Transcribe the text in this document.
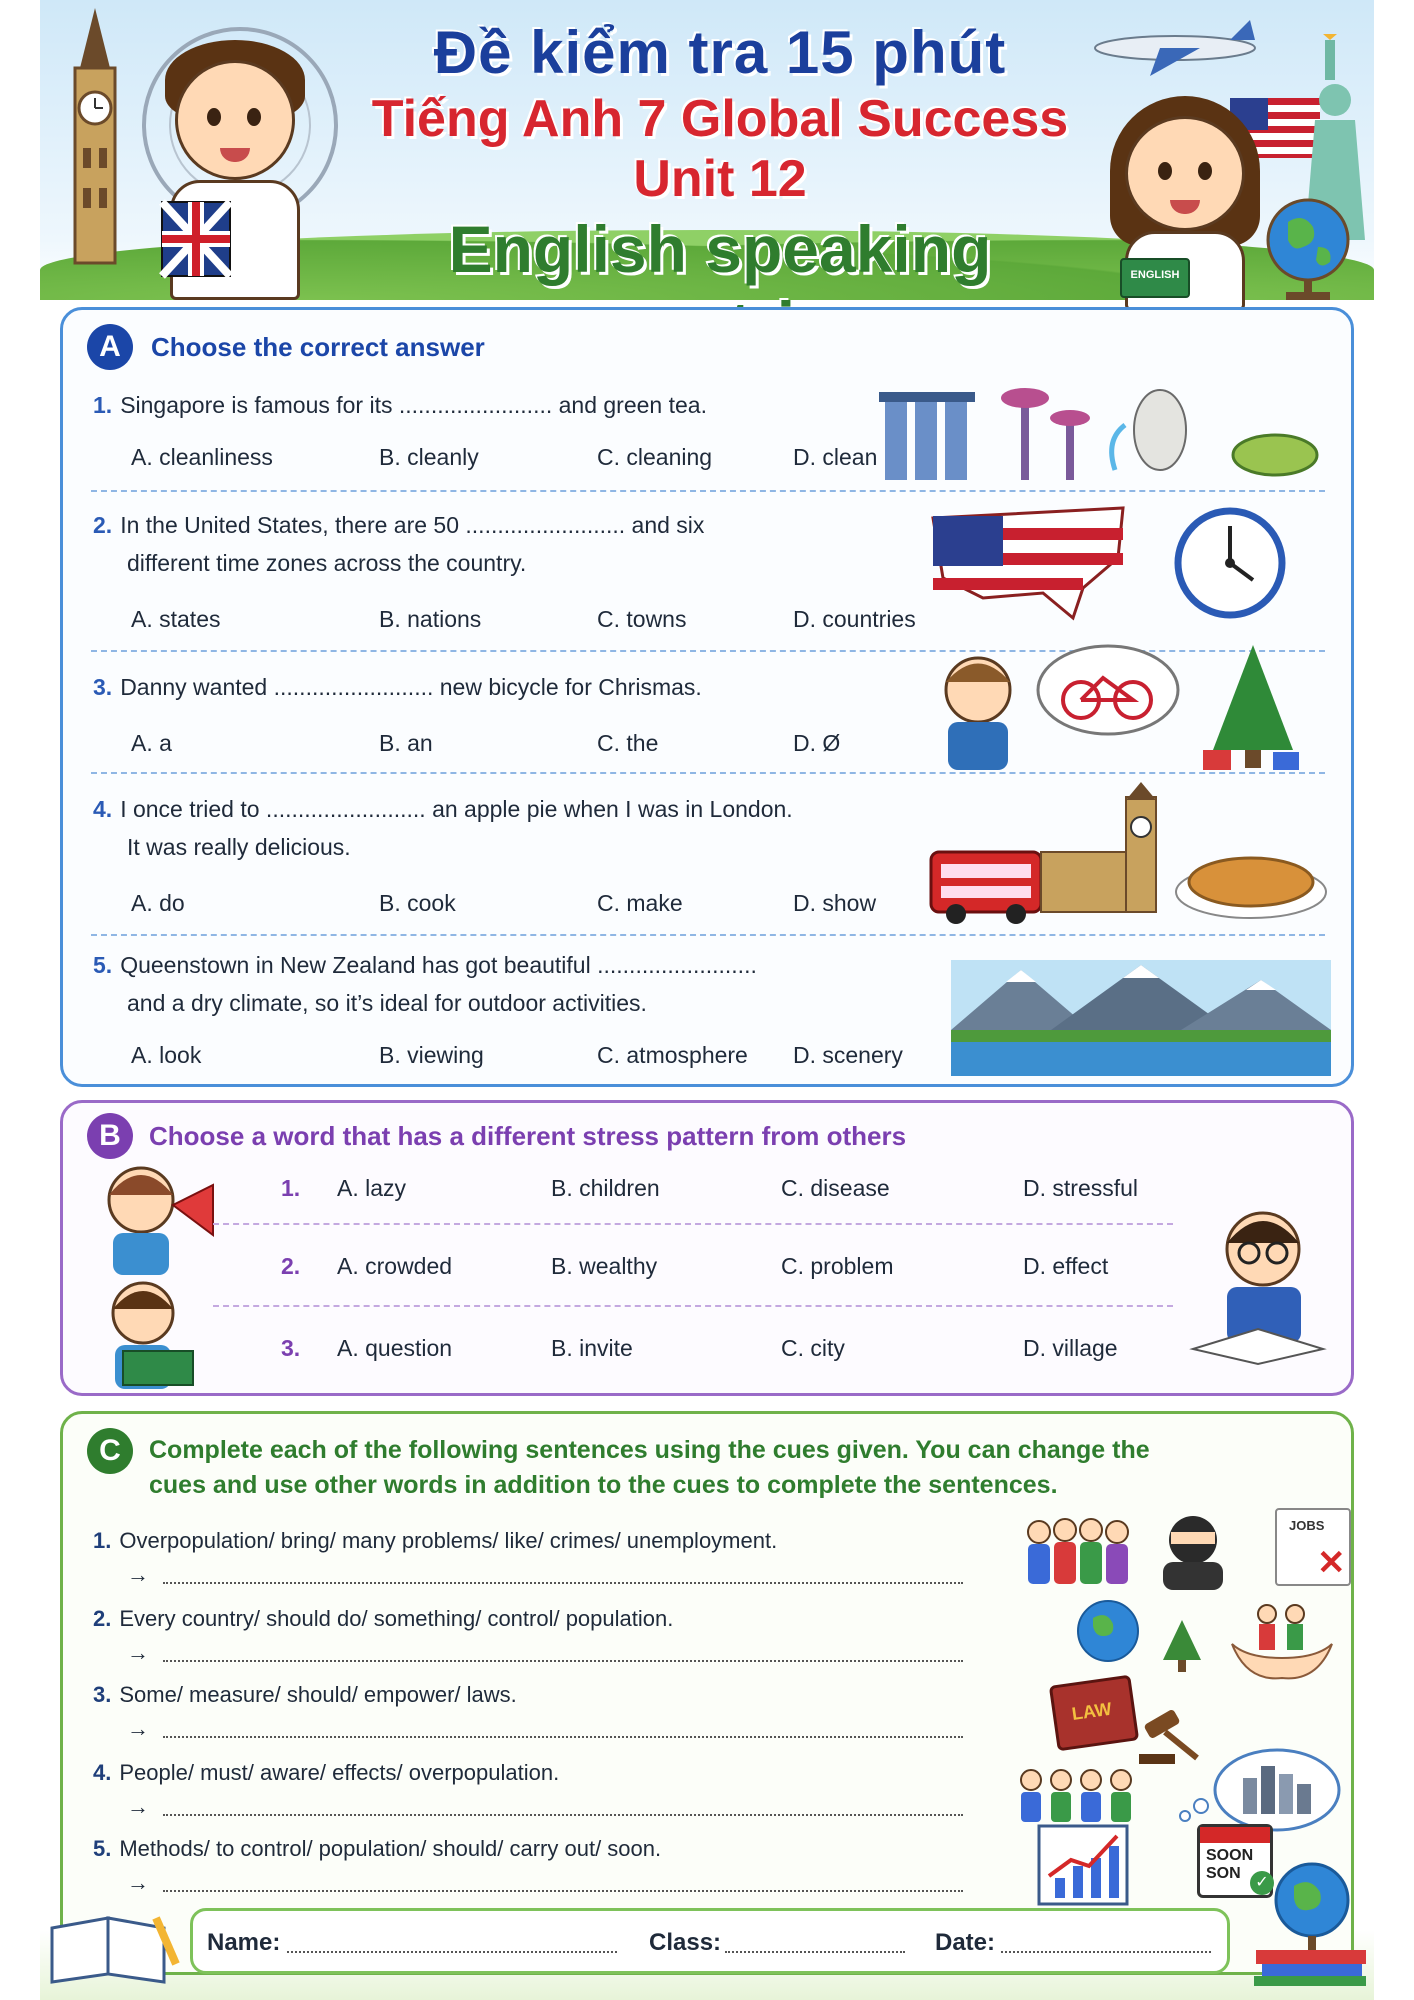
Đề kiểm tra 15 phút
Tiếng Anh 7 Global Success Unit 12
English speaking	ENGLISH
A	Choose the correct answer
1. Singapore is famous for its ........................ and green tea.
A. cleanliness	B. cleanly	C. cleaning	D. clean
2. In the United States, there are 50 ......................... and six
different time zones across the country.
A. states	B. nations	C. towns	D. countries
3. Danny wanted ......................... new bicycle for Chrismas.
A. a	B. an	C. the	D. Ø
4. I once tried to ......................... an apple pie when I was in London.
It was really delicious.
A. do	B. cook	C. make	D. show
5. Queenstown in New Zealand has got beautiful .........................
and a dry climate, so it’s ideal for outdoor activities.
A. look	B. viewing	C. atmosphere D. scenery
B	Choose a word that has a different stress pattern from others
1. A. lazy	B. children	C. disease	D. stressful
2. A. crowded	B. wealthy	C. problem	D. effect
3. A. question	B. invite	C. city	D. village
C	Complete each of the following sentences using the cues given. You can change the
cues and use other words in addition to the cues to complete the sentences.
1. Overpopulation/ bring/ many problems/ like/ crimes/ unemployment.
→
2. Every country/ should do/ something/ control/ population.
→
3. Some/ measure/ should/ empower/ laws.
→
4. People/ must/ aware/ effects/ overpopulation.
→
5. Methods/ to control/ population/ should/ carry out/ soon.
→
JOBS
✕
LAW
SOON
SON
✓
Name:	Class:	Date:
